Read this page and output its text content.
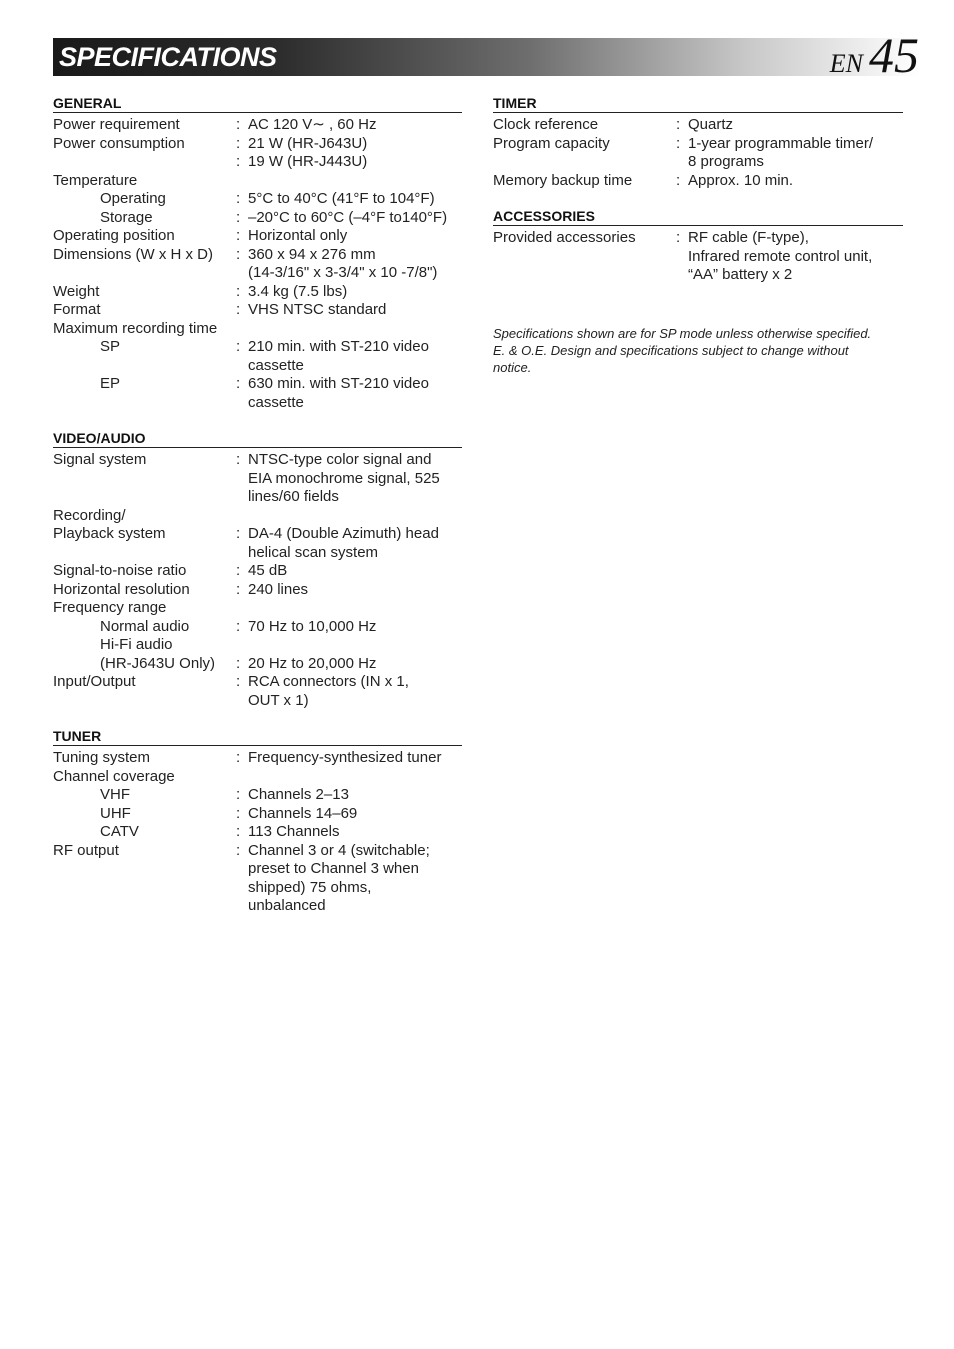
SPECIFICATIONS	EN 45
GENERAL
Power requirement	: AC 120 V∼ , 60 Hz
Power consumption	: 21 W (HR-J643U)
: 19 W (HR-J443U)
Temperature
Operating	: 5°C to 40°C (41°F to 104°F)
Storage	: –20°C to 60°C (–4°F to140°F)
Operating position	: Horizontal only
Dimensions (W x H x D)	: 360 x 94 x 276 mm
(14-3/16" x 3-3/4" x 10 -7/8")
Weight	: 3.4 kg (7.5 lbs)
Format	: VHS NTSC standard
Maximum recording time
SP	: 210 min. with ST-210 video
cassette
EP	: 630 min. with ST-210 video
cassette
VIDEO/AUDIO
Signal system	: NTSC-type color signal and
EIA monochrome signal, 525
lines/60 fields
Recording/
Playback system	: DA-4 (Double Azimuth) head
helical scan system
Signal-to-noise ratio	: 45 dB
Horizontal resolution	: 240 lines
Frequency range
Normal audio	: 70 Hz to 10,000 Hz
Hi-Fi audio
(HR-J643U Only)	: 20 Hz to 20,000 Hz
Input/Output	: RCA connectors (IN x 1,
OUT x 1)
TUNER
Tuning system	: Frequency-synthesized tuner
Channel coverage
VHF	: Channels 2–13
UHF	: Channels 14–69
CATV	: 113 Channels
RF output	: Channel 3 or 4 (switchable;
preset to Channel 3 when
shipped) 75 ohms,
unbalanced
TIMER
Clock reference	: Quartz
Program capacity	: 1-year programmable timer/
8 programs
Memory backup time	: Approx. 10 min.
ACCESSORIES
Provided accessories	: RF cable (F-type),
Infrared remote control unit,
“AA” battery x 2
Specifications shown are for SP mode unless otherwise specified.
E. & O.E. Design and specifications subject to change without
notice.
